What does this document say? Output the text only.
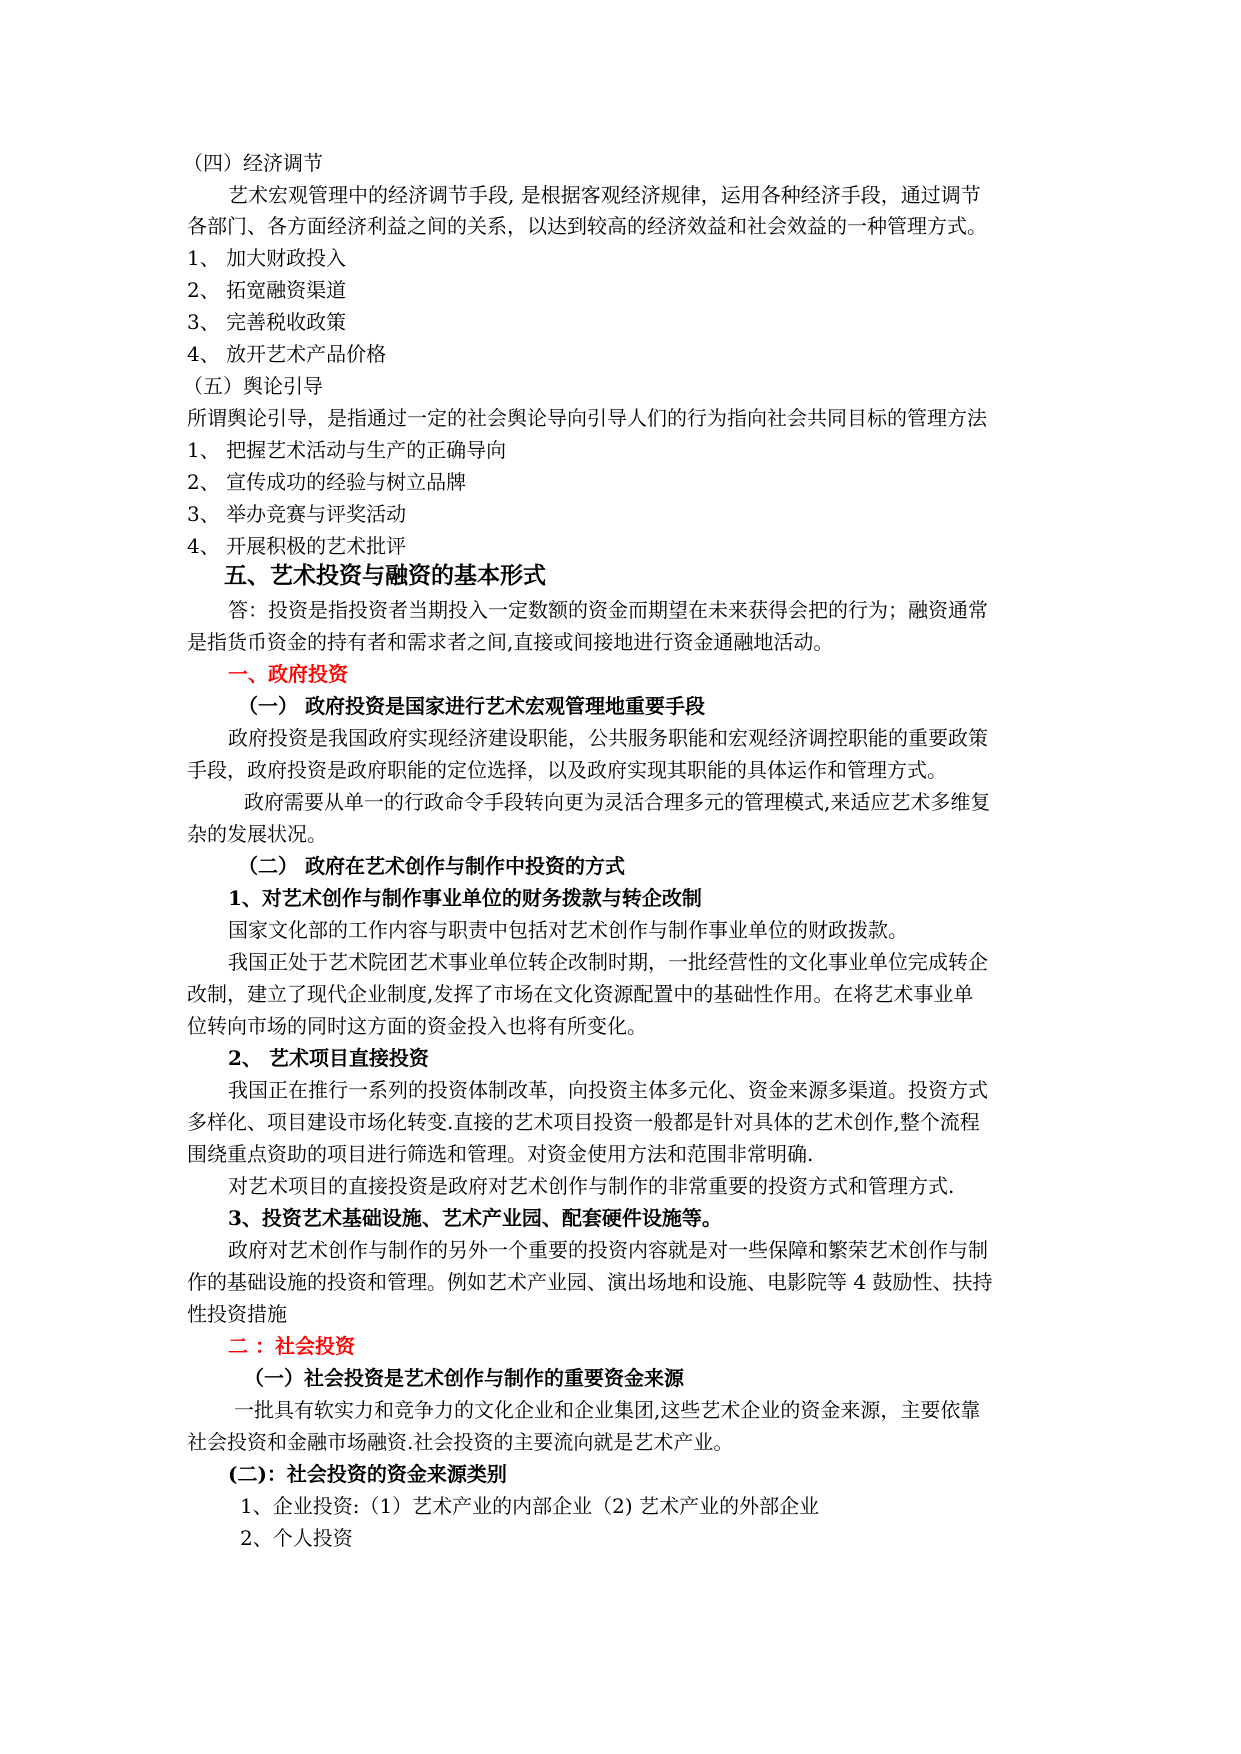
（四）经济调节
艺术宏观管理中的经济调节手段, 是根据客观经济规律，运用各种经济手段，通过调节
各部门、各方面经济利益之间的关系，以达到较高的经济效益和社会效益的一种管理方式。
1、 加大财政投入
2、 拓宽融资渠道
3、 完善税收政策
4、 放开艺术产品价格
（五）舆论引导
所谓舆论引导，是指通过一定的社会舆论导向引导人们的行为指向社会共同目标的管理方法
1、 把握艺术活动与生产的正确导向
2、 宣传成功的经验与树立品牌
3、 举办竞赛与评奖活动
4、 开展积极的艺术批评
五、艺术投资与融资的基本形式
答：投资是指投资者当期投入一定数额的资金而期望在未来获得会把的行为；融资通常
是指货币资金的持有者和需求者之间,直接或间接地进行资金通融地活动。
一、政府投资
（一） 政府投资是国家进行艺术宏观管理地重要手段
政府投资是我国政府实现经济建设职能，公共服务职能和宏观经济调控职能的重要政策
手段，政府投资是政府职能的定位选择，以及政府实现其职能的具体运作和管理方式。
政府需要从单一的行政命令手段转向更为灵活合理多元的管理模式,来适应艺术多维复
杂的发展状况。
（二） 政府在艺术创作与制作中投资的方式
1、对艺术创作与制作事业单位的财务拨款与转企改制
国家文化部的工作内容与职责中包括对艺术创作与制作事业单位的财政拨款。
我国正处于艺术院团艺术事业单位转企改制时期，一批经营性的文化事业单位完成转企
改制，建立了现代企业制度,发挥了市场在文化资源配置中的基础性作用。在将艺术事业单
位转向市场的同时这方面的资金投入也将有所变化。
2、 艺术项目直接投资
我国正在推行一系列的投资体制改革，向投资主体多元化、资金来源多渠道。投资方式
多样化、项目建设市场化转变.直接的艺术项目投资一般都是针对具体的艺术创作,整个流程
围绕重点资助的项目进行筛选和管理。对资金使用方法和范围非常明确.
对艺术项目的直接投资是政府对艺术创作与制作的非常重要的投资方式和管理方式.
3、投资艺术基础设施、艺术产业园、配套硬件设施等。
政府对艺术创作与制作的另外一个重要的投资内容就是对一些保障和繁荣艺术创作与制
作的基础设施的投资和管理。例如艺术产业园、演出场地和设施、电影院等 4 鼓励性、扶持
性投资措施
二 ：社会投资
（一）社会投资是艺术创作与制作的重要资金来源
一批具有软实力和竞争力的文化企业和企业集团,这些艺术企业的资金来源，主要依靠
社会投资和金融市场融资.社会投资的主要流向就是艺术产业。
(二)：社会投资的资金来源类别
1、企业投资:（1）艺术产业的内部企业（2) 艺术产业的外部企业
2、个人投资
